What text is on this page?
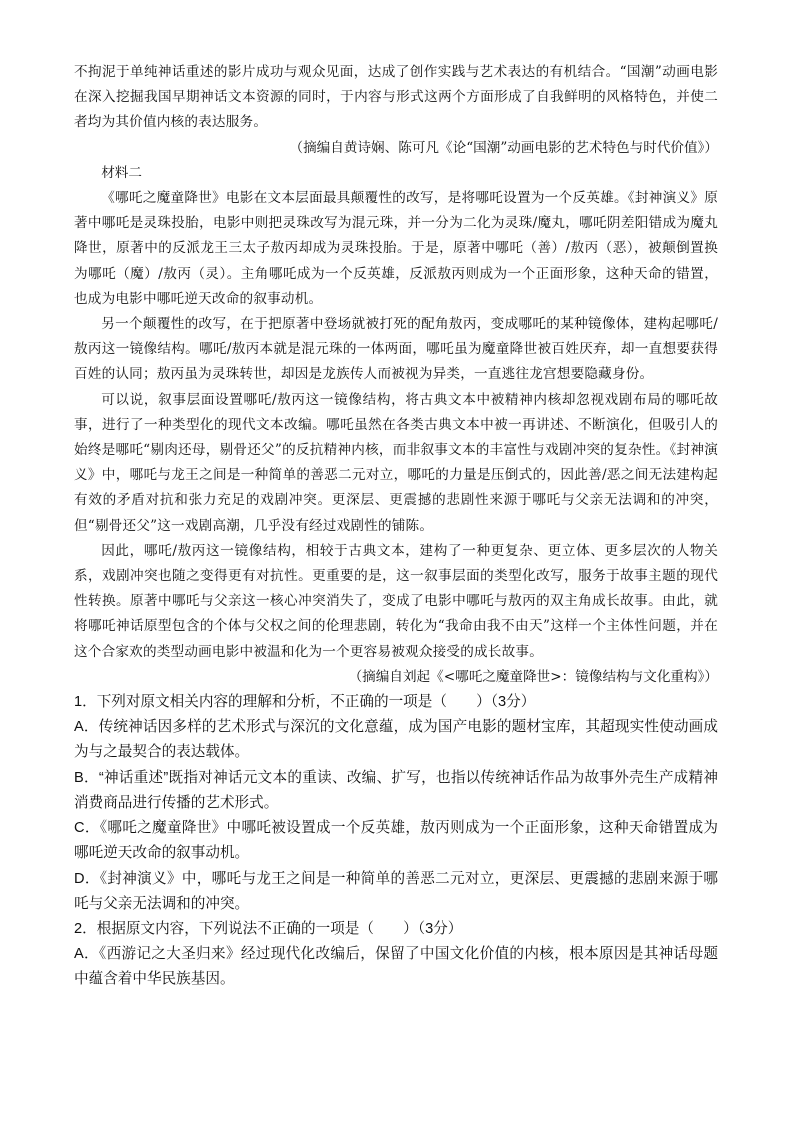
不拘泥于单纯神话重述的影片成功与观众见面，达成了创作实践与艺术表达的有机结合。“国潮”动画电影在深入挖掘我国早期神话文本资源的同时，于内容与形式这两个方面形成了自我鲜明的风格特色，并使二者均为其价值内核的表达服务。

（摘编自黄诗娴、陈可凡《论“国潮”动画电影的艺术特色与时代价值》）

材料二

《哪吒之魔童降世》电影在文本层面最具颠覆性的改写，是将哪吒设置为一个反英雄。《封神演义》原著中哪吒是灵珠投胎，电影中则把灵珠改写为混元珠，并一分为二化为灵珠/魔丸，哪吒阴差阳错成为魔丸降世，原著中的反派龙王三太子敖丙却成为灵珠投胎。于是，原著中哪吒（善）/敖丙（恶），被颠倒置换为哪吒（魔）/敖丙（灵）。主角哪吒成为一个反英雄，反派敖丙则成为一个正面形象，这种天命的错置，也成为电影中哪吒逆天改命的叙事动机。

另一个颠覆性的改写，在于把原著中登场就被打死的配角敖丙，变成哪吒的某种镜像体，建构起哪吒/敖丙这一镜像结构。哪吒/敖丙本就是混元珠的一体两面，哪吒虽为魔童降世被百姓厌弃，却一直想要获得百姓的认同；敖丙虽为灵珠转世，却因是龙族传人而被视为异类，一直逃往龙宫想要隐藏身份。

可以说，叙事层面设置哪吒/敖丙这一镜像结构，将古典文本中被精神内核却忽视戏剧布局的哪吒故事，进行了一种类型化的现代文本改编。哪吒虽然在各类古典文本中被一再讲述、不断演化，但吸引人的始终是哪吒“剔肉还母，剔骨还父”的反抗精神内核，而非叙事文本的丰富性与戏剧冲突的复杂性。《封神演义》中，哪吒与龙王之间是一种简单的善恶二元对立，哪吒的力量是压倒式的，因此善/恶之间无法建构起有效的矛盾对抗和张力充足的戏剧冲突。更深层、更震撼的悲剧性来源于哪吒与父亲无法调和的冲突，但“剔骨还父”这一戏剧高潮，几乎没有经过戏剧性的铺陈。

因此，哪吒/敖丙这一镜像结构，相较于古典文本，建构了一种更复杂、更立体、更多层次的人物关系，戏剧冲突也随之变得更有对抗性。更重要的是，这一叙事层面的类型化改写，服务于故事主题的现代性转换。原著中哪吒与父亲这一核心冲突消失了，变成了电影中哪吒与敖丙的双主角成长故事。由此，就将哪吒神话原型包含的个体与父权之间的伦理悲剧，转化为“我命由我不由天”这样一个主体性问题，并在这个合家欢的类型动画电影中被温和化为一个更容易被观众接受的成长故事。

（摘编自刘起《<哪吒之魔童降世>：镜像结构与文化重构》）

1．下列对原文相关内容的理解和分析，不正确的一项是（　　）（3分）

A．传统神话因多样的艺术形式与深沉的文化意蕴，成为国产电影的题材宝库，其超现实性使动画成为与之最契合的表达载体。

B．“神话重述”既指对神话元文本的重读、改编、扩写，也指以传统神话作品为故事外壳生产成精神消费商品进行传播的艺术形式。

C．《哪吒之魔童降世》中哪吒被设置成一个反英雄，敖丙则成为一个正面形象，这种天命错置成为哪吒逆天改命的叙事动机。

D．《封神演义》中，哪吒与龙王之间是一种简单的善恶二元对立，更深层、更震撼的悲剧来源于哪吒与父亲无法调和的冲突。

2．根据原文内容，下列说法不正确的一项是（　　）（3分）

A．《西游记之大圣归来》经过现代化改编后，保留了中国文化价值的内核，根本原因是其神话母题中蕴含着中华民族基因。
